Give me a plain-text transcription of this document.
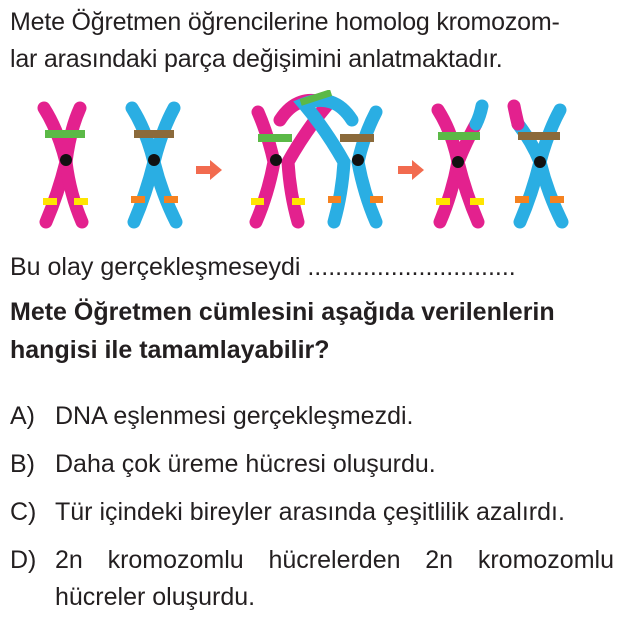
Mete Öğretmen öğrencilerine homolog kromozom-
lar arasındaki parça değişimini anlatmaktadır.
Bu olay gerçekleşmeseydi ..............................
Mete Öğretmen cümlesini aşağıda verilenlerin hangisi ile tamamlayabilir?
A) DNA eşlenmesi gerçekleşmezdi.
B) Daha çok üreme hücresi oluşurdu.
C) Tür içindeki bireyler arasında çeşitlilik azalırdı.
D) 2n kromozomlu hücrelerden 2n kromozomlu hücreler oluşurdu.
